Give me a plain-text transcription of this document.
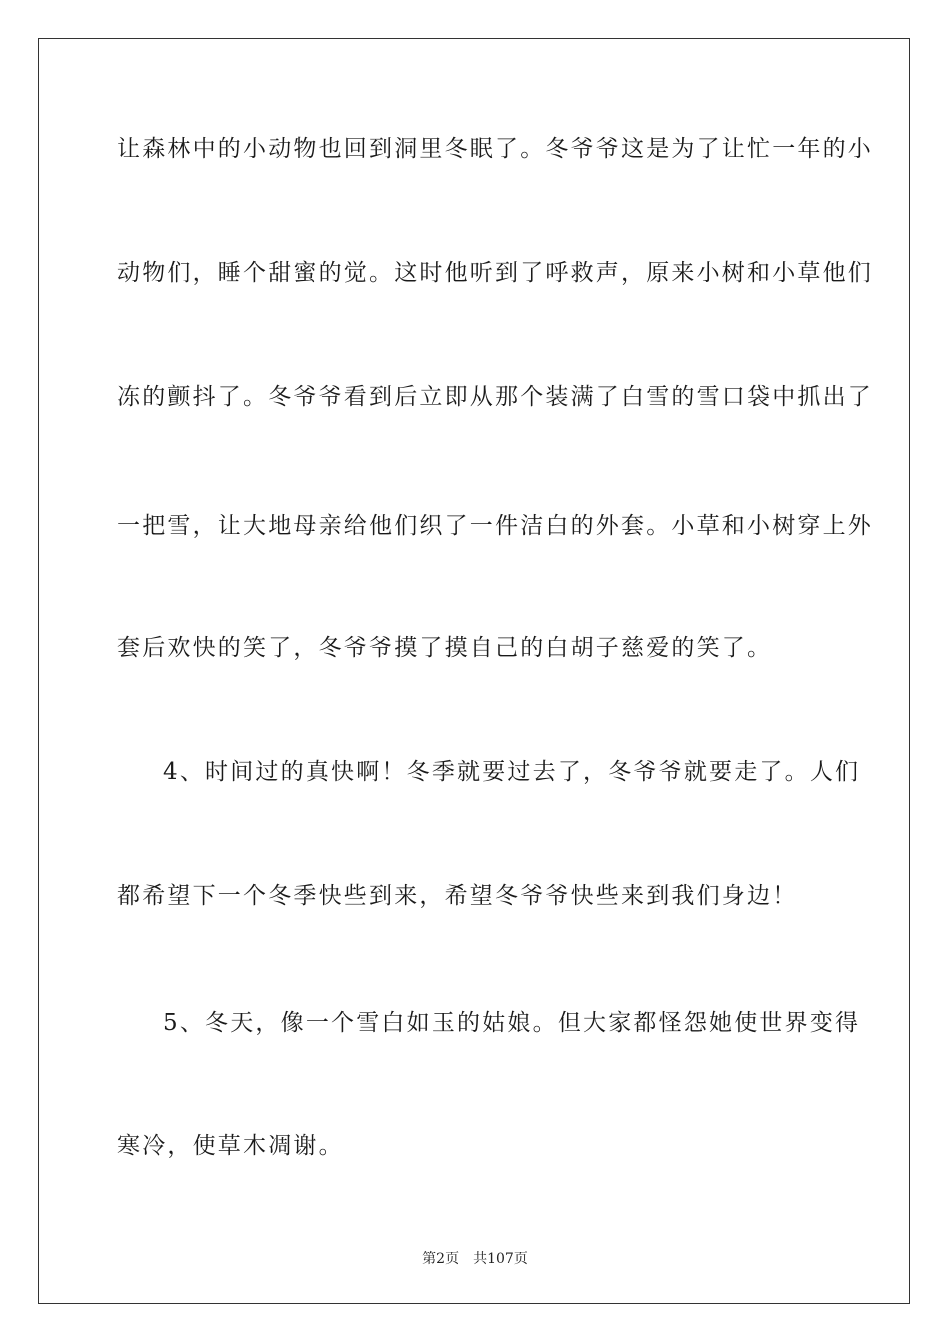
让森林中的小动物也回到洞里冬眠了。冬爷爷这是为了让忙一年的小
动物们，睡个甜蜜的觉。这时他听到了呼救声，原来小树和小草他们
冻的颤抖了。冬爷爷看到后立即从那个装满了白雪的雪口袋中抓出了
一把雪，让大地母亲给他们织了一件洁白的外套。小草和小树穿上外
套后欢快的笑了，冬爷爷摸了摸自己的白胡子慈爱的笑了。
4、时间过的真快啊！冬季就要过去了，冬爷爷就要走了。人们
都希望下一个冬季快些到来，希望冬爷爷快些来到我们身边！
5、冬天，像一个雪白如玉的姑娘。但大家都怪怨她使世界变得
寒冷，使草木凋谢。
第2页 共107页
